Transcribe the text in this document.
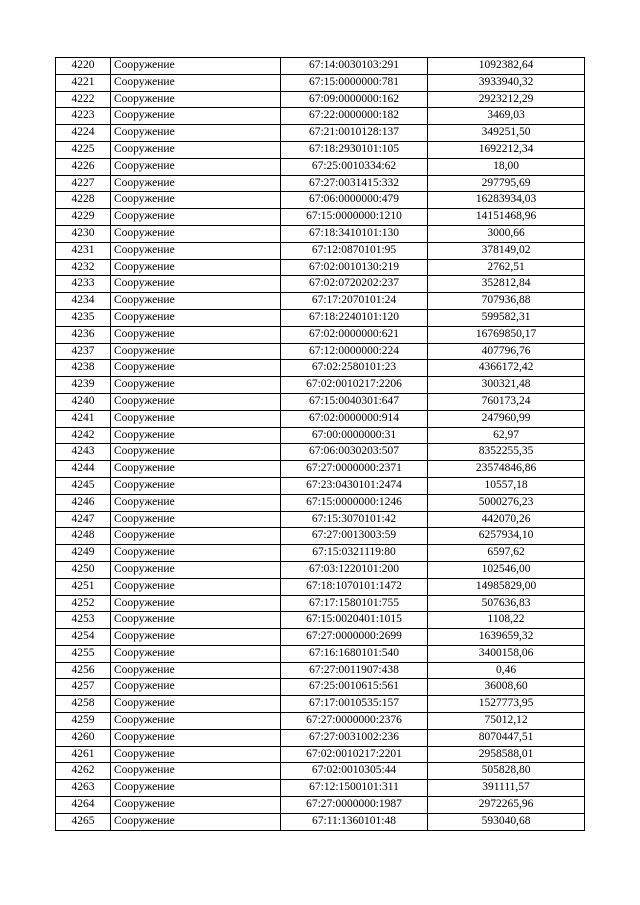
4220	Сооружение	67:14:0030103:291	1092382,64
4221	Сооружение	67:15:0000000:781	3933940,32
4222	Сооружение	67:09:0000000:162	2923212,29
4223	Сооружение	67:22:0000000:182	3469,03
4224	Сооружение	67:21:0010128:137	349251,50
4225	Сооружение	67:18:2930101:105	1692212,34
4226	Сооружение	67:25:0010334:62	18,00
4227	Сооружение	67:27:0031415:332	297795,69
4228	Сооружение	67:06:0000000:479	16283934,03
4229	Сооружение	67:15:0000000:1210	14151468,96
4230	Сооружение	67:18:3410101:130	3000,66
4231	Сооружение	67:12:0870101:95	378149,02
4232	Сооружение	67:02:0010130:219	2762,51
4233	Сооружение	67:02:0720202:237	352812,84
4234	Сооружение	67:17:2070101:24	707936,88
4235	Сооружение	67:18:2240101:120	599582,31
4236	Сооружение	67:02:0000000:621	16769850,17
4237	Сооружение	67:12:0000000:224	407796,76
4238	Сооружение	67:02:2580101:23	4366172,42
4239	Сооружение	67:02:0010217:2206	300321,48
4240	Сооружение	67:15:0040301:647	760173,24
4241	Сооружение	67:02:0000000:914	247960,99
4242	Сооружение	67:00:0000000:31	62,97
4243	Сооружение	67:06:0030203:507	8352255,35
4244	Сооружение	67:27:0000000:2371	23574846,86
4245	Сооружение	67:23:0430101:2474	10557,18
4246	Сооружение	67:15:0000000:1246	5000276,23
4247	Сооружение	67:15:3070101:42	442070,26
4248	Сооружение	67:27:0013003:59	6257934,10
4249	Сооружение	67:15:0321119:80	6597,62
4250	Сооружение	67:03:1220101:200	102546,00
4251	Сооружение	67:18:1070101:1472	14985829,00
4252	Сооружение	67:17:1580101:755	507636,83
4253	Сооружение	67:15:0020401:1015	1108,22
4254	Сооружение	67:27:0000000:2699	1639659,32
4255	Сооружение	67:16:1680101:540	3400158,06
4256	Сооружение	67:27:0011907:438	0,46
4257	Сооружение	67:25:0010615:561	36008,60
4258	Сооружение	67:17:0010535:157	1527773,95
4259	Сооружение	67:27:0000000:2376	75012,12
4260	Сооружение	67:27:0031002:236	8070447,51
4261	Сооружение	67:02:0010217:2201	2958588,01
4262	Сооружение	67:02:0010305:44	505828,80
4263	Сооружение	67:12:1500101:311	391111,57
4264	Сооружение	67:27:0000000:1987	2972265,96
4265	Сооружение	67:11:1360101:48	593040,68
